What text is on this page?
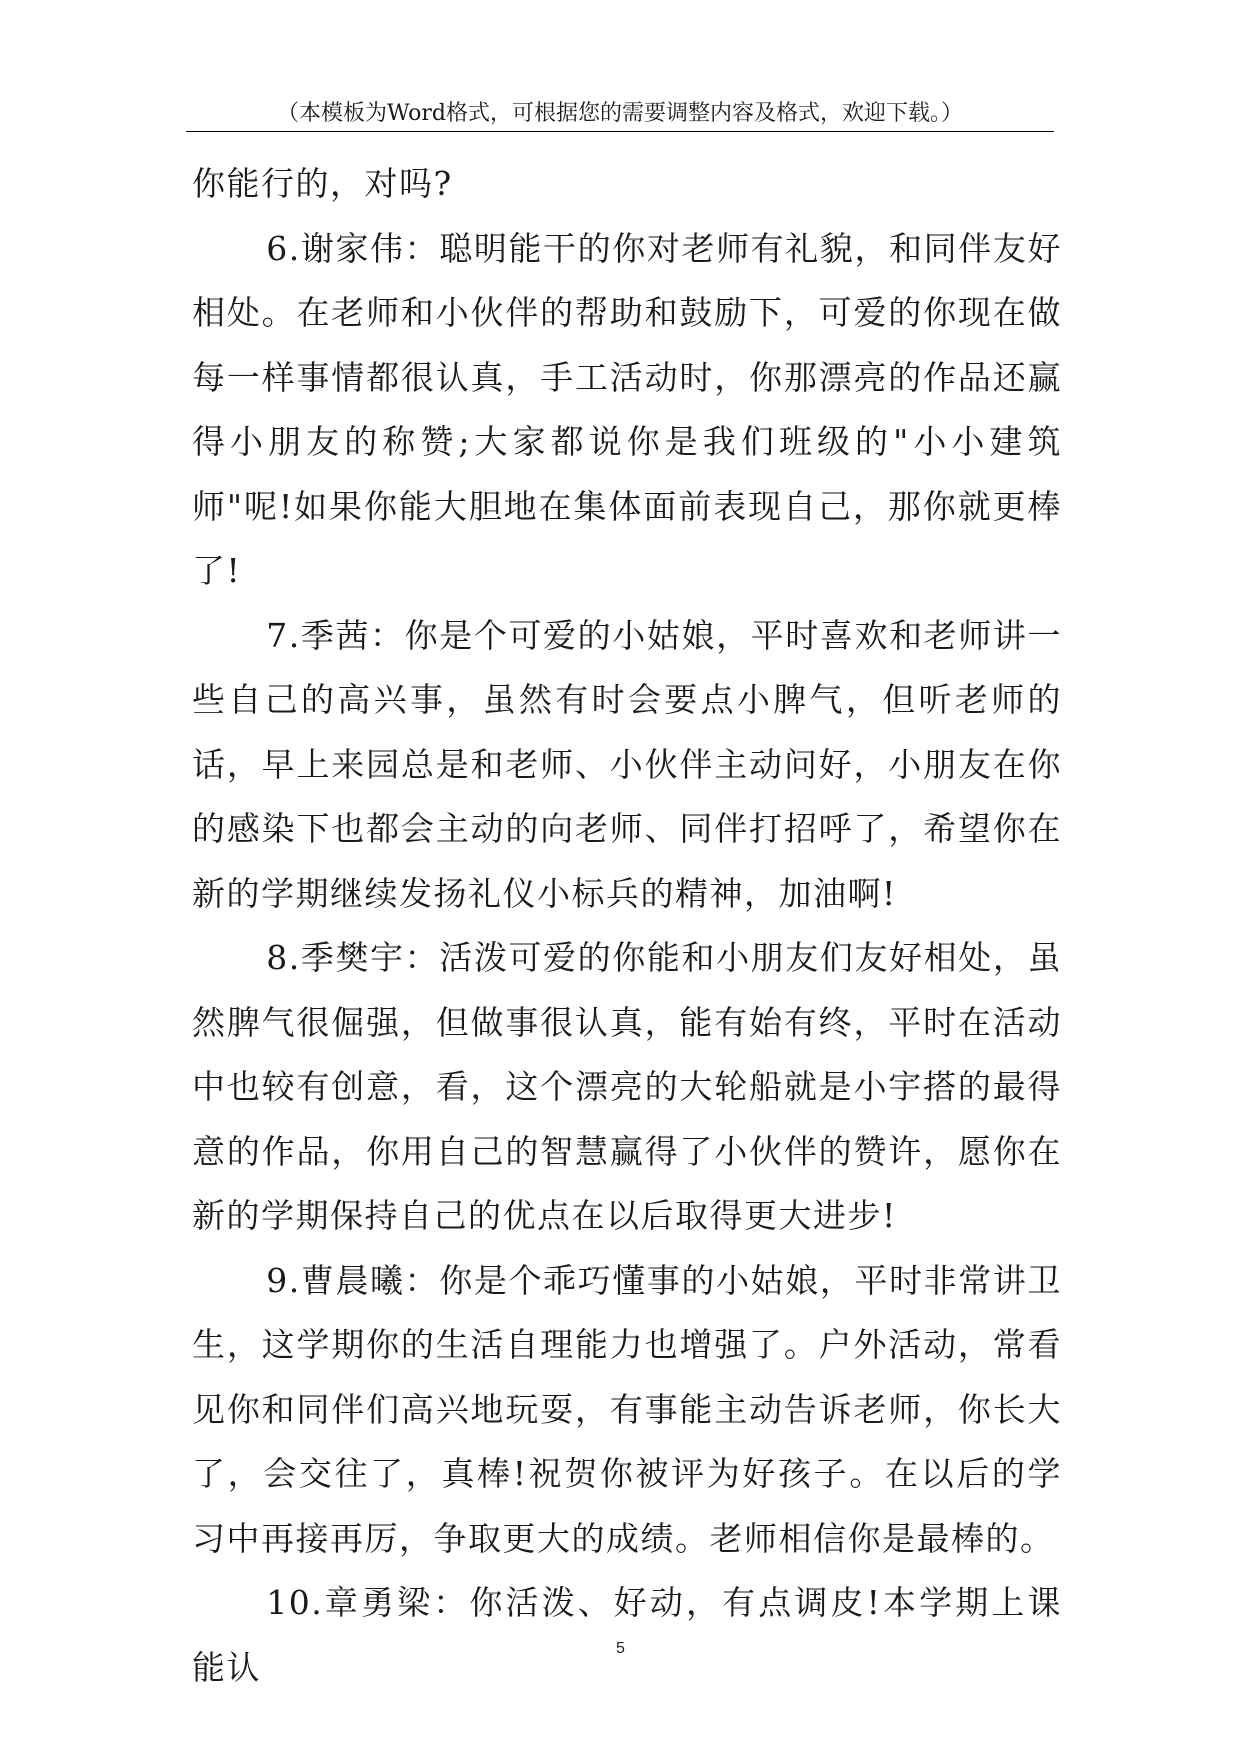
（本模板为Word格式，可根据您的需要调整内容及格式，欢迎下载。）

你能行的，对吗?

6.谢家伟：聪明能干的你对老师有礼貌，和同伴友好相处。在老师和小伙伴的帮助和鼓励下，可爱的你现在做每一样事情都很认真，手工活动时，你那漂亮的作品还赢得小朋友的称赞;大家都说你是我们班级的"小小建筑师"呢!如果你能大胆地在集体面前表现自己，那你就更棒了!

7.季茜：你是个可爱的小姑娘，平时喜欢和老师讲一些自己的高兴事，虽然有时会要点小脾气，但听老师的话，早上来园总是和老师、小伙伴主动问好，小朋友在你的感染下也都会主动的向老师、同伴打招呼了，希望你在新的学期继续发扬礼仪小标兵的精神，加油啊!

8.季樊宇：活泼可爱的你能和小朋友们友好相处，虽然脾气很倔强，但做事很认真，能有始有终，平时在活动中也较有创意，看，这个漂亮的大轮船就是小宇搭的最得意的作品，你用自己的智慧赢得了小伙伴的赞许，愿你在新的学期保持自己的优点在以后取得更大进步!

9.曹晨曦：你是个乖巧懂事的小姑娘，平时非常讲卫生，这学期你的生活自理能力也增强了。户外活动，常看见你和同伴们高兴地玩耍，有事能主动告诉老师，你长大了，会交往了，真棒!祝贺你被评为好孩子。在以后的学习中再接再厉，争取更大的成绩。老师相信你是最棒的。

10.章勇梁：你活泼、好动，有点调皮!本学期上课能认	5
